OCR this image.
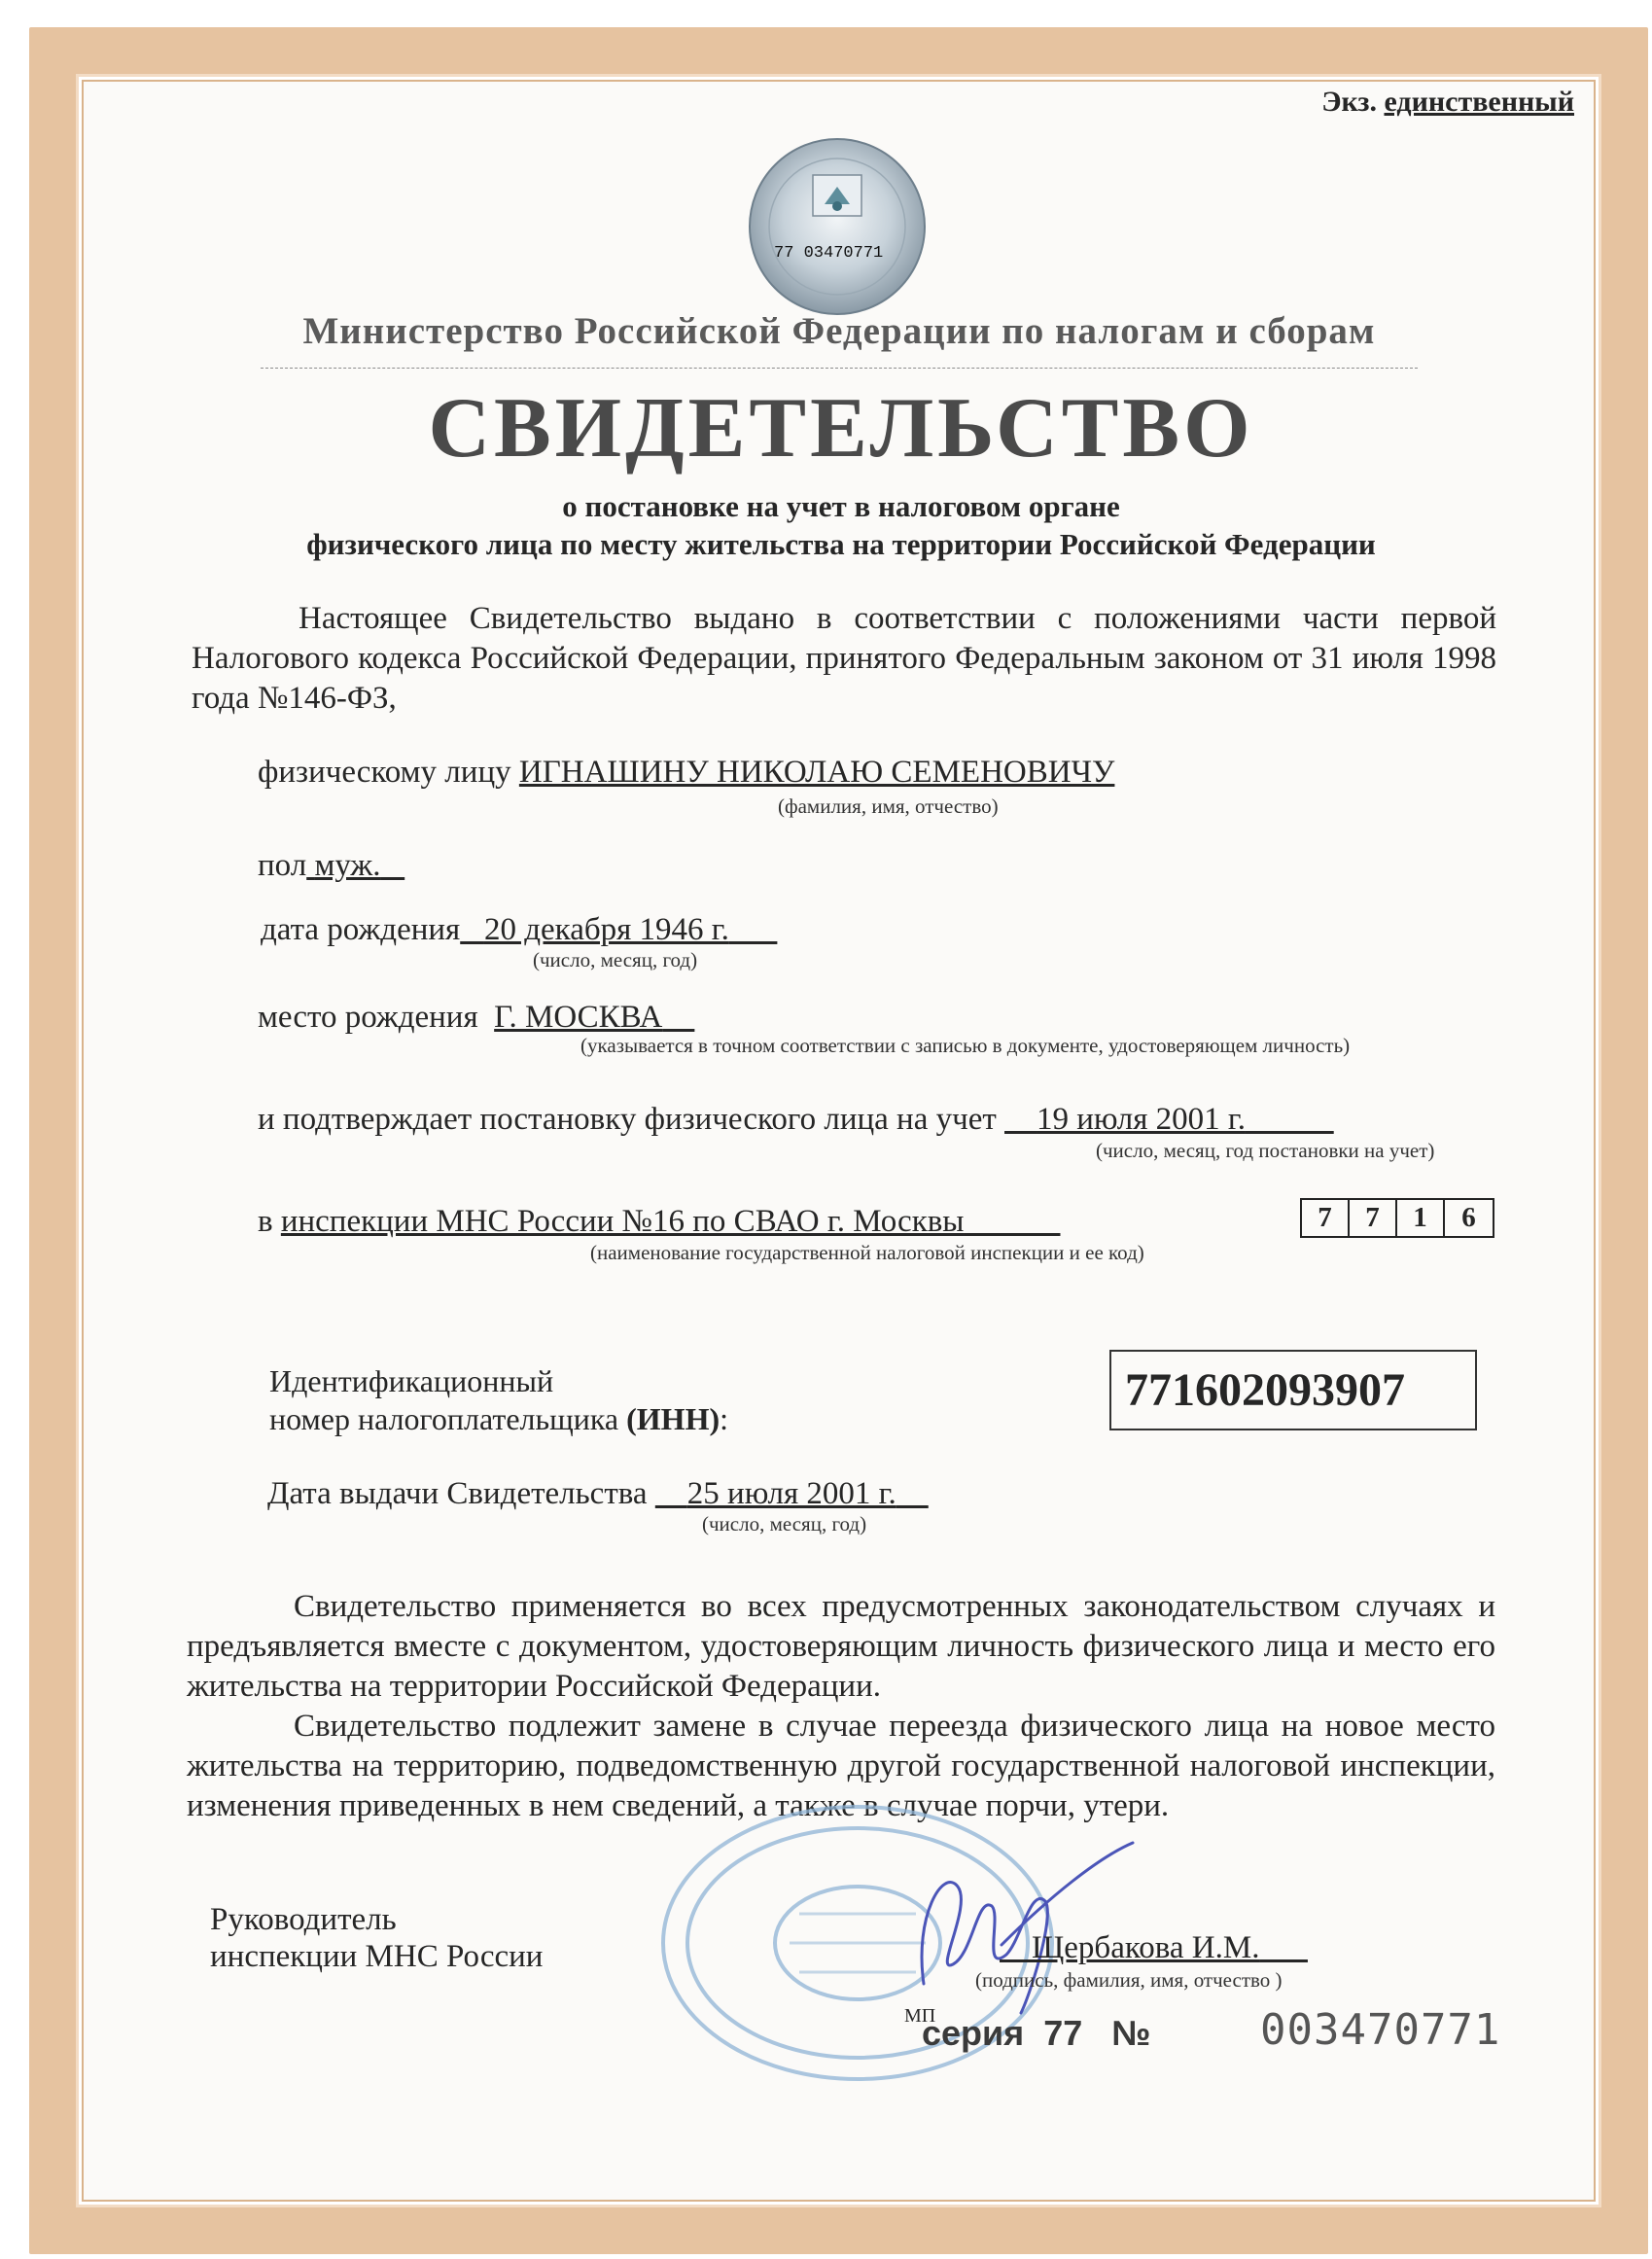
Экз. единственный
77 03470771
Министерство Российской Федерации по налогам и сборам
СВИДЕТЕЛЬСТВО
о постановке на учет в налоговом органе
физического лица по месту жительства на территории Российской Федерации
Настоящее Свидетельство выдано в соответствии с положениями части первой Налогового кодекса Российской Федерации, принятого Федеральным законом от 31 июля 1998 года №146-ФЗ,
физическому лицу ИГНАШИНУ НИКОЛАЮ СЕМЕНОВИЧУ
(фамилия, имя, отчество)
пол муж.
дата рождения 20 декабря 1946 г.
(число, месяц, год)
место рождения Г. МОСКВА
(указывается в точном соответствии с записью в документе, удостоверяющем личность)
и подтверждает постановку физического лица на учет 19 июля 2001 г.
(число, месяц, год постановки на учет)
в инспекции МНС России №16 по СВАО г. Москвы
(наименование государственной налоговой инспекции и ее код)
7	7	1	6
Идентификационный
номер налогоплательщика (ИНН):
771602093907
Дата выдачи Свидетельства 25 июля 2001 г.
(число, месяц, год)
Свидетельство применяется во всех предусмотренных законодательством случаях и предъявляется вместе с документом, удостоверяющим личность физического лица и место его жительства на территории Российской Федерации.
Свидетельство подлежит замене в случае переезда физического лица на новое место жительства на территорию, подведомственную другой государственной налоговой инспекции, изменения приведенных в нем сведений, а также в случае порчи, утери.
Руководитель
инспекции МНС России	Щербакова И.М.
(подпись, фамилия, имя, отчество )
МП
серия 77 №	003470771
